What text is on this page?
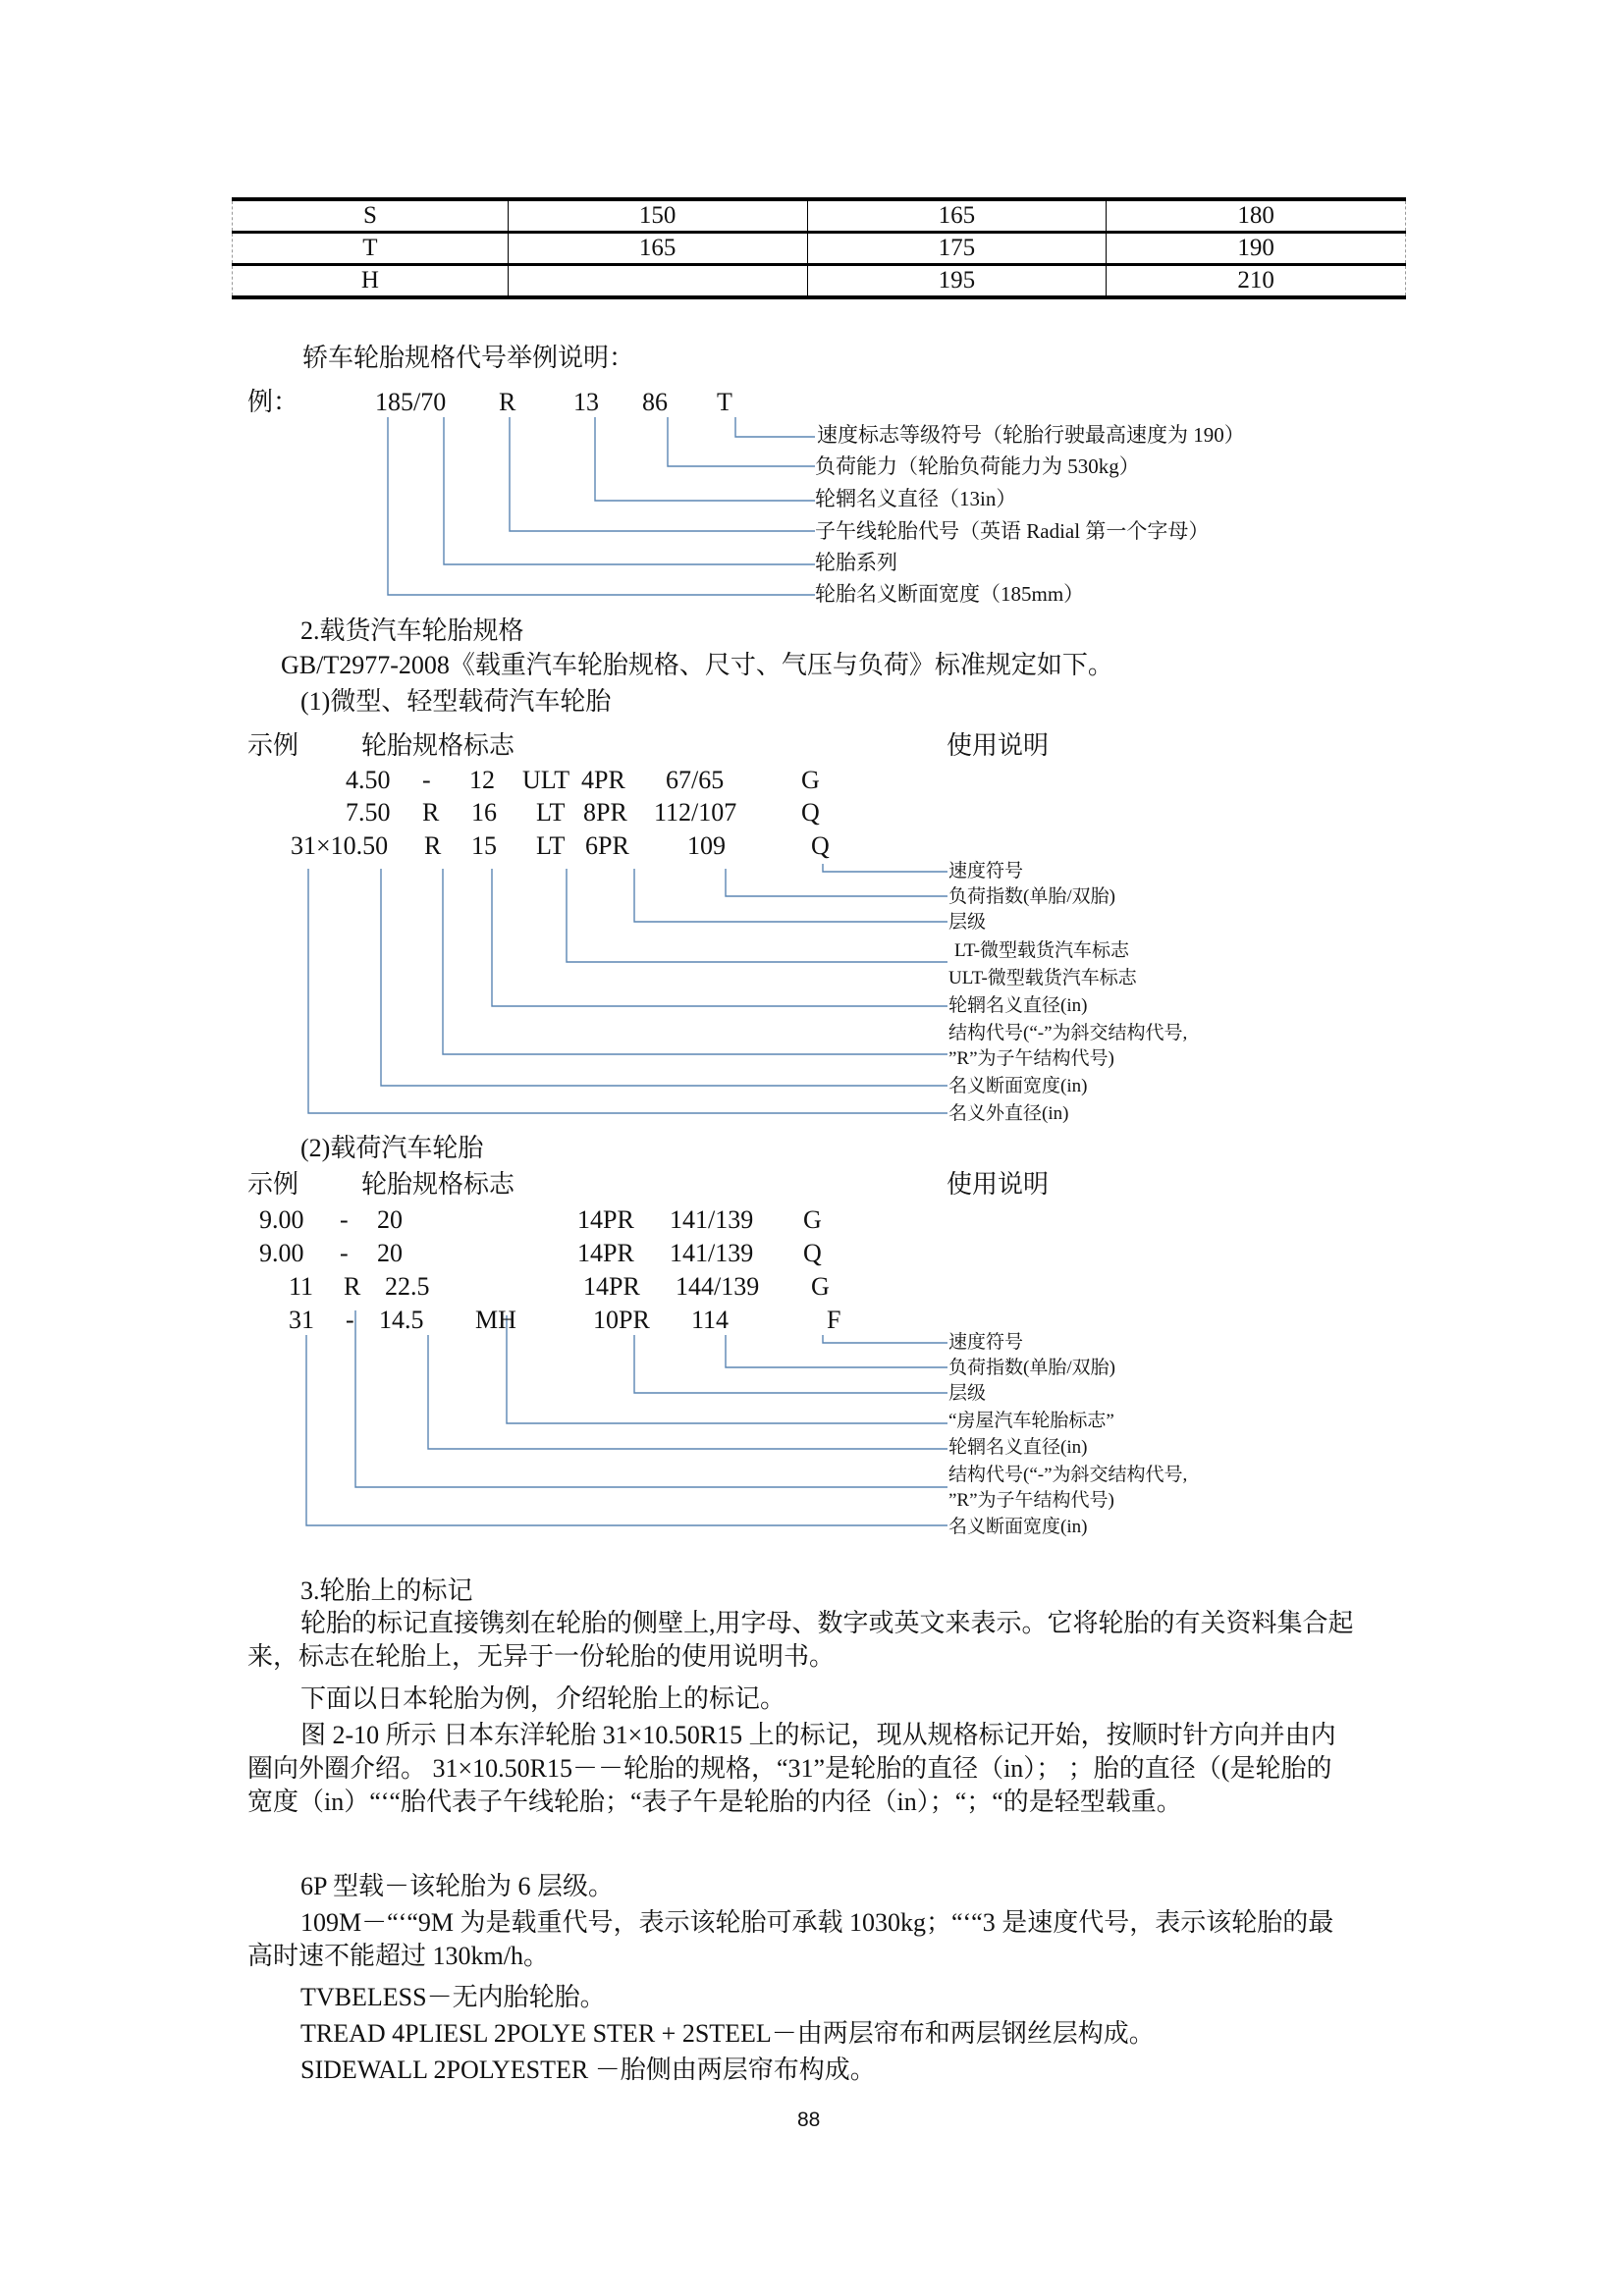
S	150	165	180
T	165	175	190
H		195	210
轿车轮胎规格代号举例说明：
例：	185/70 R 13 86 T
速度标志等级符号（轮胎行驶最高速度为 190）
负荷能力（轮胎负荷能力为 530kg）
轮辋名义直径（13in）
子午线轮胎代号（英语 Radial 第一个字母）
轮胎系列
轮胎名义断面宽度（185mm）
2.载货汽车轮胎规格
GB/T2977-2008《载重汽车轮胎规格、尺寸、气压与负荷》标准规定如下。
(1)微型、轻型载荷汽车轮胎
示例 轮胎规格标志	使用说明
4.50 - 12 ULT 4PR 67/65	G
7.50 R 16 LT 8PR 112/107	Q
31×10.50 R 15 LT 6PR 109	Q
速度符号
负荷指数(单胎/双胎)
层级
LT-微型载货汽车标志
ULT-微型载货汽车标志
轮辋名义直径(in)
结构代号(“-”为斜交结构代号,
”R”为子午结构代号)
名义断面宽度(in)
名义外直径(in)
(2)载荷汽车轮胎
示例 轮胎规格标志	使用说明
9.00 - 20	14PR 141/139 G
9.00 - 20	14PR 141/139 Q
11 R 22.5	14PR 144/139 G
31 - 14.5 MH	10PR 114	F
速度符号
负荷指数(单胎/双胎)
层级
“房屋汽车轮胎标志”
轮辋名义直径(in)
结构代号(“-”为斜交结构代号,
”R”为子午结构代号)
名义断面宽度(in)
3.轮胎上的标记
轮胎的标记直接镌刻在轮胎的侧壁上,用字母、数字或英文来表示。它将轮胎的有关资料集合起来，标志在轮胎上，无异于一份轮胎的使用说明书。
下面以日本轮胎为例，介绍轮胎上的标记。
图 2-10 所示 日本东洋轮胎 31×10.50R15 上的标记，现从规格标记开始，按顺时针方向并由内圈向外圈介绍。 31×10.50R15－－轮胎的规格，“31”是轮胎的直径（in）； ；胎的直径（(是轮胎的宽度（in）“‘“胎代表子午线轮胎；“表子午是轮胎的内径（in）；“；“的是轻型载重。
6P 型载－该轮胎为 6 层级。
109M－“‘“9M 为是载重代号，表示该轮胎可承载 1030kg；“‘“3 是速度代号，表示该轮胎的最高时速不能超过 130km/h。
TVBELESS－无内胎轮胎。
TREAD 4PLIESL 2POLYE STER + 2STEEL－由两层帘布和两层钢丝层构成。
SIDEWALL 2POLYESTER －胎侧由两层帘布构成。
88
